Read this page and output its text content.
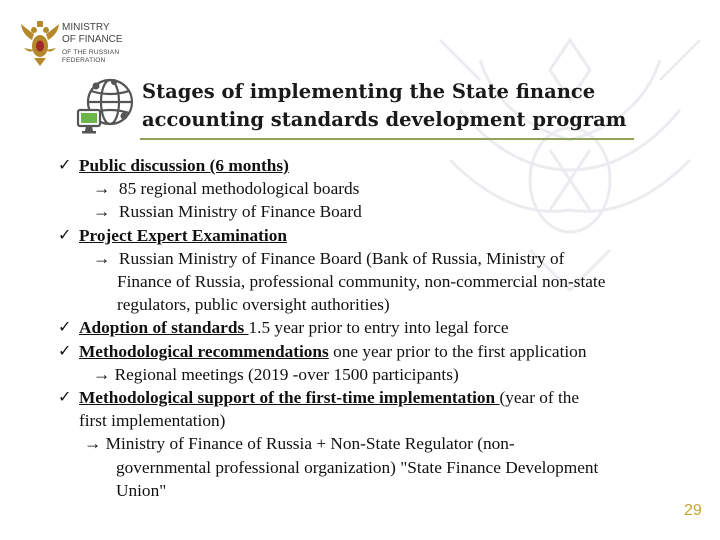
MINISTRY
OF FINANCE
OF THE RUSSIAN
FEDERATION
Stages of implementing the State finance
accounting standards development program
✓ Public discussion (6 months)
→ 85 regional methodological boards
→ Russian Ministry of Finance Board
✓ Project Expert Examination
→ Russian Ministry of Finance Board (Bank of Russia, Ministry of
Finance of Russia, professional community, non-commercial non-state
regulators, public oversight authorities)
✓ Adoption of standards 1.5 year prior to entry into legal force
✓ Methodological recommendations one year prior to the first application
→ Regional meetings (2019 -over 1500 participants)
✓ Methodological support of the first-time implementation (year of the
first implementation)
→ Ministry of Finance of Russia + Non-State Regulator (non-
governmental professional organization) "State Finance Development
Union"
29
